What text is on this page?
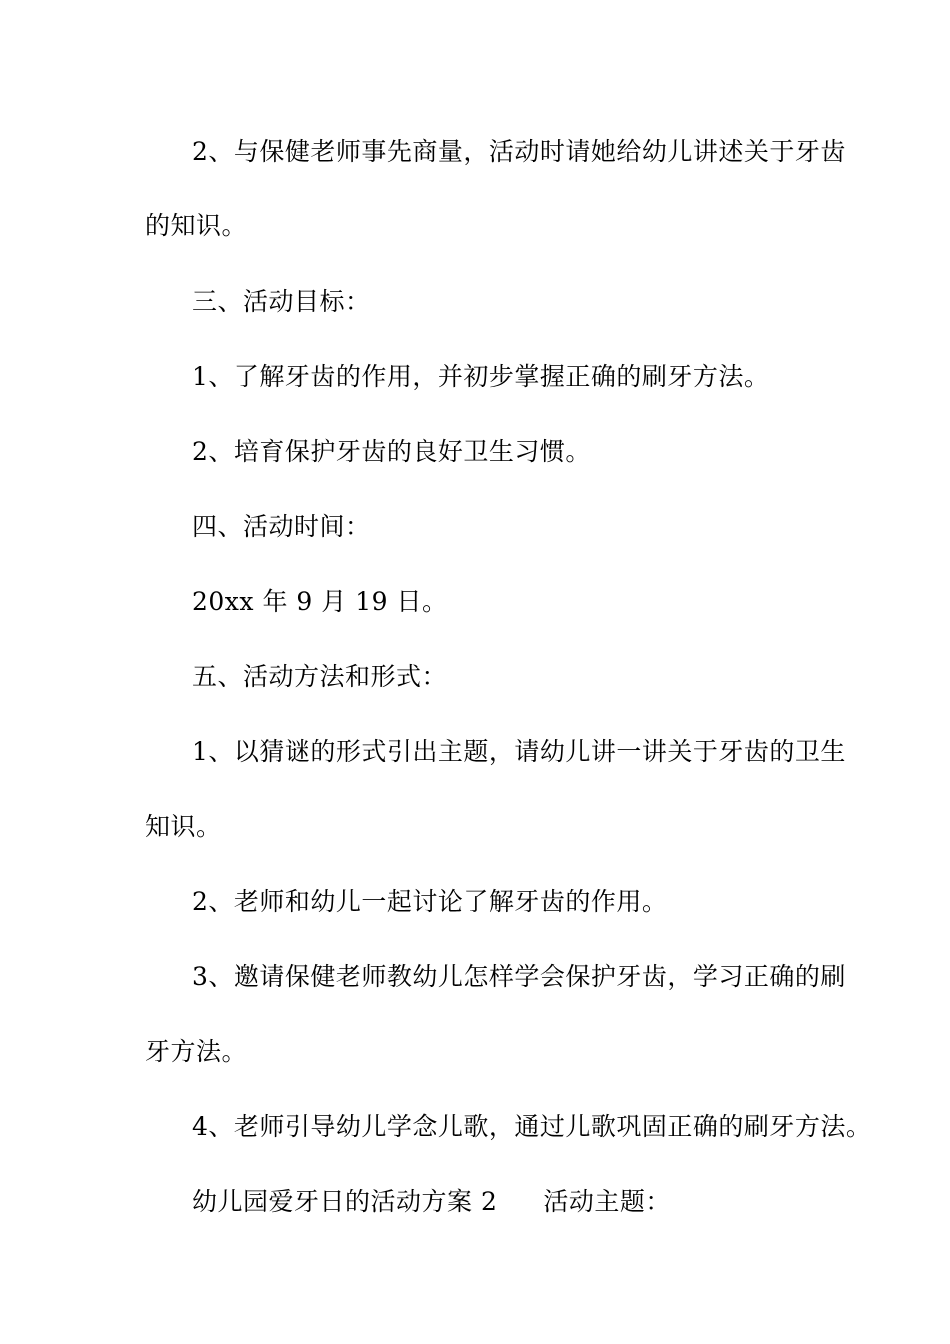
2、与保健老师事先商量，活动时请她给幼儿讲述关于牙齿
的知识。
三、活动目标：
1、了解牙齿的作用，并初步掌握正确的刷牙方法。
2、培育保护牙齿的良好卫生习惯。
四、活动时间：
20xx 年 9 月 19 日。
五、活动方法和形式：
1、以猜谜的形式引出主题，请幼儿讲一讲关于牙齿的卫生
知识。
2、老师和幼儿一起讨论了解牙齿的作用。
3、邀请保健老师教幼儿怎样学会保护牙齿，学习正确的刷
牙方法。
4、老师引导幼儿学念儿歌，通过儿歌巩固正确的刷牙方法。
幼儿园爱牙日的活动方案 2 活动主题：
